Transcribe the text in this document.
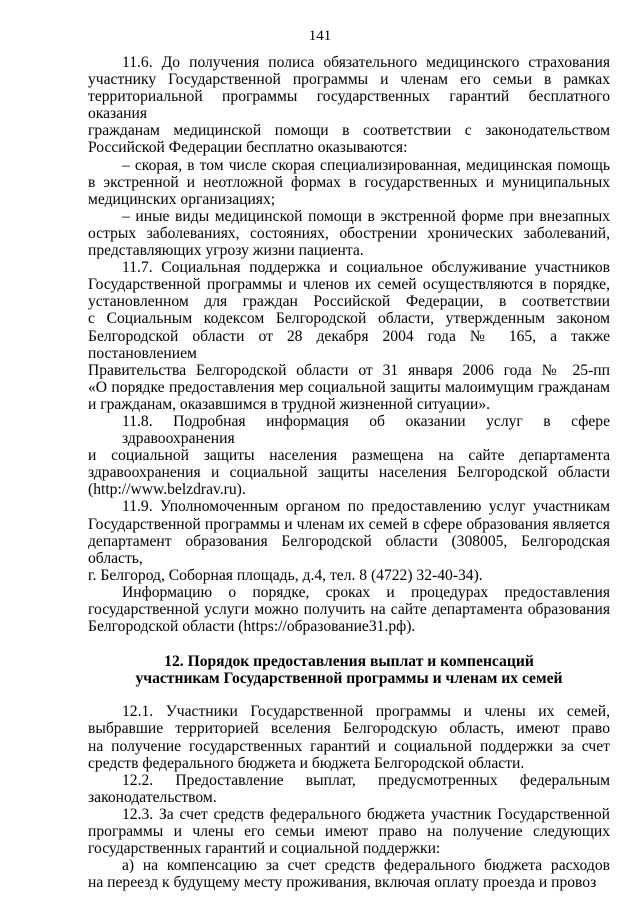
141
11.6. До получения полиса обязательного медицинского страхования
участнику Государственной программы и членам его семьи в рамках
территориальной программы государственных гарантий бесплатного оказания
гражданам медицинской помощи в соответствии с законодательством
Российской Федерации бесплатно оказываются:
– скорая, в том числе скорая специализированная, медицинская помощь
в экстренной и неотложной формах в государственных и муниципальных
медицинских организациях;
– иные виды медицинской помощи в экстренной форме при внезапных
острых заболеваниях, состояниях, обострении хронических заболеваний,
представляющих угрозу жизни пациента.
11.7. Социальная поддержка и социальное обслуживание участников
Государственной программы и членов их семей осуществляются в порядке,
установленном для граждан Российской Федерации, в соответствии
с Социальным кодексом Белгородской области, утвержденным законом
Белгородской области от 28 декабря 2004 года № 165, а также постановлением
Правительства Белгородской области от 31 января 2006 года № 25-пп
«О порядке предоставления мер социальной защиты малоимущим гражданам
и гражданам, оказавшимся в трудной жизненной ситуации».
11.8. Подробная информация об оказании услуг в сфере здравоохранения
и социальной защиты населения размещена на сайте департамента
здравоохранения и социальной защиты населения Белгородской области
(http://www.belzdrav.ru).
11.9. Уполномоченным органом по предоставлению услуг участникам
Государственной программы и членам их семей в сфере образования является
департамент образования Белгородской области (308005, Белгородская область,
г. Белгород, Соборная площадь, д.4, тел. 8 (4722) 32-40-34).
Информацию о порядке, сроках и процедурах предоставления
государственной услуги можно получить на сайте департамента образования
Белгородской области (https://образование31.рф).
12. Порядок предоставления выплат и компенсаций
участникам Государственной программы и членам их семей
12.1. Участники Государственной программы и члены их семей,
выбравшие территорией вселения Белгородскую область, имеют право
на получение государственных гарантий и социальной поддержки за счет
средств федерального бюджета и бюджета Белгородской области.
12.2. Предоставление выплат, предусмотренных федеральным
законодательством.
12.3. За счет средств федерального бюджета участник Государственной
программы и члены его семьи имеют право на получение следующих
государственных гарантий и социальной поддержки:
а) на компенсацию за счет средств федерального бюджета расходов
на переезд к будущему месту проживания, включая оплату проезда и провоз
